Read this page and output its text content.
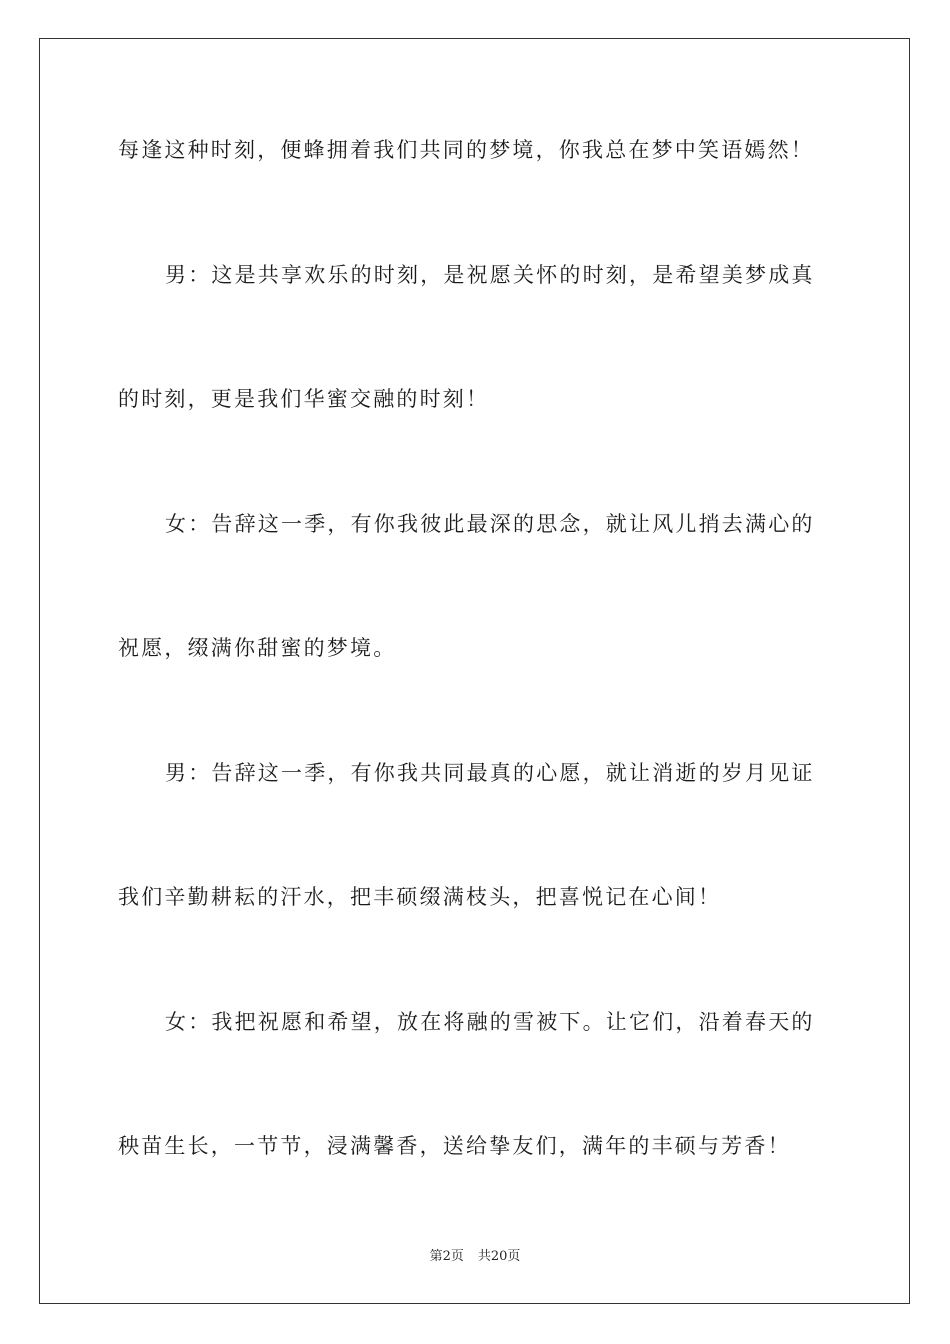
每逢这种时刻，便蜂拥着我们共同的梦境，你我总在梦中笑语嫣然！
男：这是共享欢乐的时刻，是祝愿关怀的时刻，是希望美梦成真
的时刻，更是我们华蜜交融的时刻！
女：告辞这一季，有你我彼此最深的思念，就让风儿捎去满心的
祝愿，缀满你甜蜜的梦境。
男：告辞这一季，有你我共同最真的心愿，就让消逝的岁月见证
我们辛勤耕耘的汗水，把丰硕缀满枝头，把喜悦记在心间！
女：我把祝愿和希望，放在将融的雪被下。让它们，沿着春天的
秧苗生长，一节节，浸满馨香，送给挚友们，满年的丰硕与芳香！
第2页 共20页
